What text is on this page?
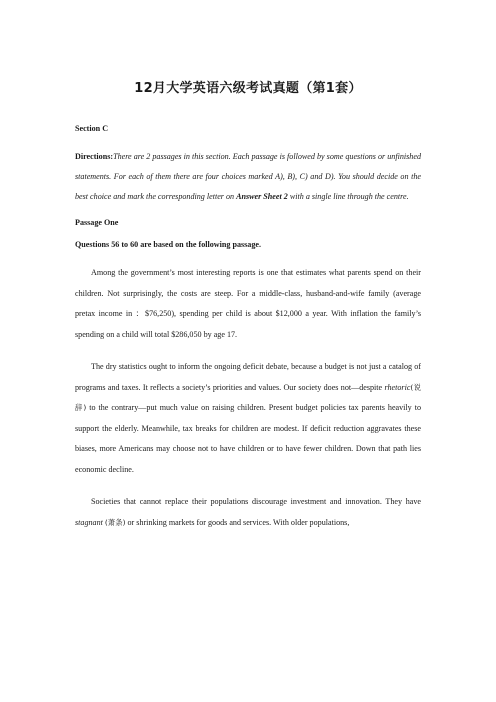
12月大学英语六级考试真题（第1套）

Section C

Directions:There are 2 passages in this section. Each passage is followed by some questions or unfinished statements. For each of them there are four choices marked A), B), C) and D). You should decide on the best choice and mark the corresponding letter on Answer Sheet 2 with a single line through the centre.

Passage One

Questions 56 to 60 are based on the following passage.

Among the government’s most interesting reports is one that estimates what parents spend on their children. Not surprisingly, the costs are steep. For a middle-class, husband-and-wife family (average pretax income in ：$76,250), spending per child is about $12,000 a year. With inflation the family’s spending on a child will total $286,050 by age 17.

The dry statistics ought to inform the ongoing deficit debate, because a budget is not just a catalog of programs and taxes. It reflects a society’s priorities and values. Our society does not—despite rhetoric(说辞) to the contrary—put much value on raising children. Present budget policies tax parents heavily to support the elderly. Meanwhile, tax breaks for children are modest. If deficit reduction aggravates these biases, more Americans may choose not to have children or to have fewer children. Down that path lies economic decline.

Societies that cannot replace their populations discourage investment and innovation. They have stagnant (萧条) or shrinking markets for goods and services. With older populations,
